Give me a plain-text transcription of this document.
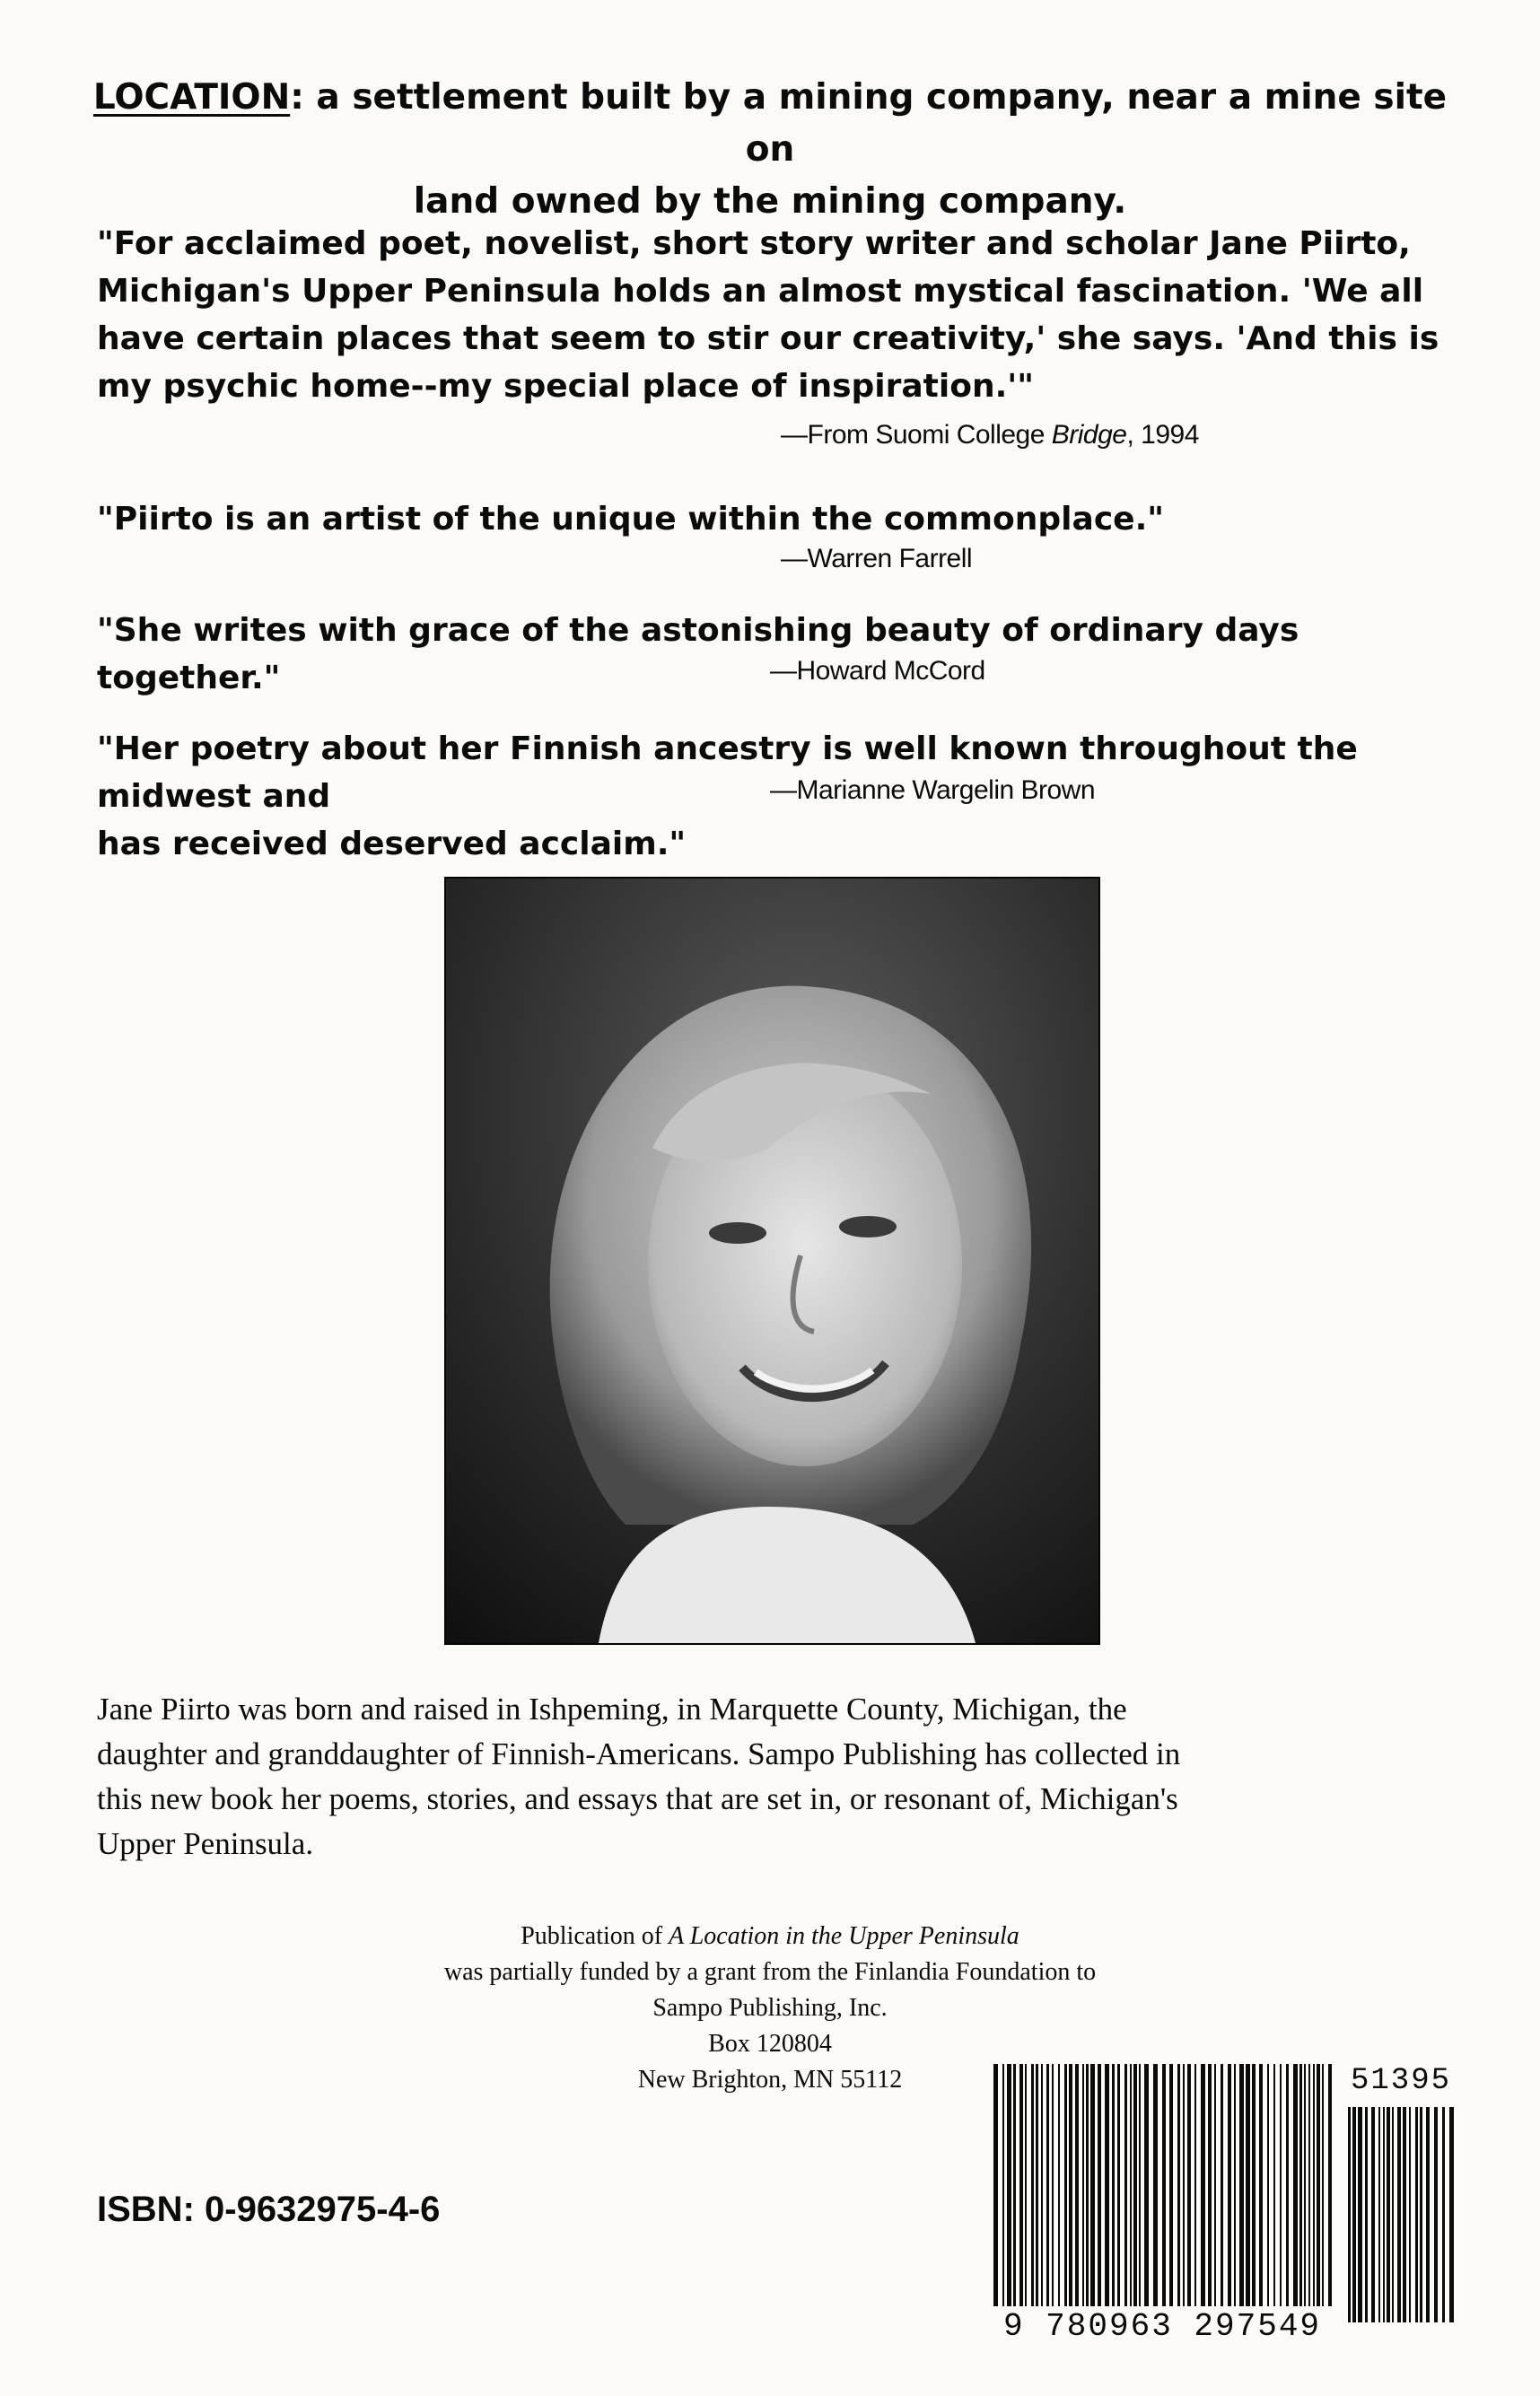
LOCATION: a settlement built by a mining company, near a mine site on
land owned by the mining company.
"For acclaimed poet, novelist, short story writer and scholar Jane Piirto,
Michigan's Upper Peninsula holds an almost mystical fascination. 'We all
have certain places that seem to stir our creativity,' she says. 'And this is
my psychic home--my special place of inspiration.'"
—From Suomi College Bridge, 1994
"Piirto is an artist of the unique within the commonplace."
—Warren Farrell
"She writes with grace of the astonishing beauty of ordinary days together."	—Howard McCord
"Her poetry about her Finnish ancestry is well known throughout the midwest and
has received deserved acclaim."
—Marianne Wargelin Brown
Jane Piirto was born and raised in Ishpeming, in Marquette County, Michigan, the
daughter and granddaughter of Finnish-Americans. Sampo Publishing has collected in
this new book her poems, stories, and essays that are set in, or resonant of, Michigan's
Upper Peninsula.
Publication of A Location in the Upper Peninsula
was partially funded by a grant from the Finlandia Foundation to
Sampo Publishing, Inc.
Box 120804
New Brighton, MN 55112
ISBN: 0-9632975-4-6
9 780963 297549
51395
